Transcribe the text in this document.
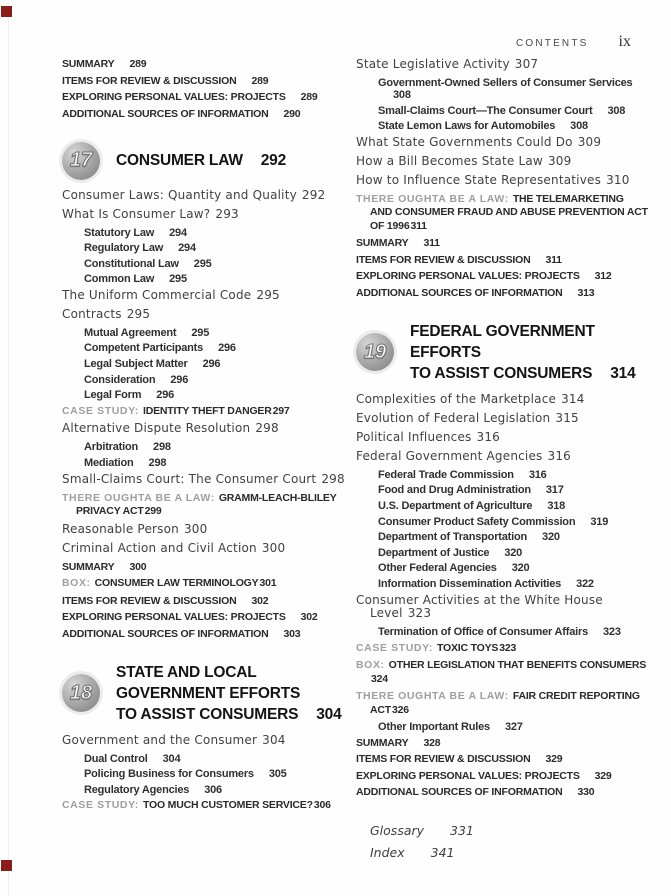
CONTENTS ix
SUMMARY 289
ITEMS FOR REVIEW & DISCUSSION 289
EXPLORING PERSONAL VALUES: PROJECTS 289
ADDITIONAL SOURCES OF INFORMATION 290
17 CONSUMER LAW 292
Consumer Laws: Quantity and Quality 292
What Is Consumer Law? 293
Statutory Law 294
Regulatory Law 294
Constitutional Law 295
Common Law 295
The Uniform Commercial Code 295
Contracts 295
Mutual Agreement 295
Competent Participants 296
Legal Subject Matter 296
Consideration 296
Legal Form 296
CASE STUDY: IDENTITY THEFT DANGER297
Alternative Dispute Resolution 298
Arbitration 298
Mediation 298
Small-Claims Court: The Consumer Court 298
THERE OUGHTA BE A LAW: GRAMM-LEACH-BLILEY
PRIVACY ACT299
Reasonable Person 300
Criminal Action and Civil Action 300
SUMMARY 300
BOX: CONSUMER LAW TERMINOLOGY301
ITEMS FOR REVIEW & DISCUSSION 302
EXPLORING PERSONAL VALUES: PROJECTS 302
ADDITIONAL SOURCES OF INFORMATION 303
18
STATE AND LOCAL
GOVERNMENT EFFORTS
TO ASSIST CONSUMERS 304
Government and the Consumer 304
Dual Control 304
Policing Business for Consumers 305
Regulatory Agencies 306
CASE STUDY: TOO MUCH CUSTOMER SERVICE?306
State Legislative Activity 307
Government-Owned Sellers of Consumer Services308
Small-Claims Court—The Consumer Court 308
State Lemon Laws for Automobiles 308
What State Governments Could Do 309
How a Bill Becomes State Law 309
How to Influence State Representatives 310
THERE OUGHTA BE A LAW: THE TELEMARKETING
AND CONSUMER FRAUD AND ABUSE PREVENTION ACT
OF 1996311
SUMMARY 311
ITEMS FOR REVIEW & DISCUSSION 311
EXPLORING PERSONAL VALUES: PROJECTS 312
ADDITIONAL SOURCES OF INFORMATION 313
19
FEDERAL GOVERNMENT EFFORTS
TO ASSIST CONSUMERS 314
Complexities of the Marketplace 314
Evolution of Federal Legislation 315
Political Influences 316
Federal Government Agencies 316
Federal Trade Commission 316
Food and Drug Administration 317
U.S. Department of Agriculture 318
Consumer Product Safety Commission 319
Department of Transportation 320
Department of Justice 320
Other Federal Agencies 320
Information Dissemination Activities 322
Consumer Activities at the White House
Level 323
Termination of Office of Consumer Affairs 323
CASE STUDY: TOXIC TOYS323
BOX: OTHER LEGISLATION THAT BENEFITS CONSUMERS324
THERE OUGHTA BE A LAW: FAIR CREDIT REPORTING
ACT326
Other Important Rules 327
SUMMARY 328
ITEMS FOR REVIEW & DISCUSSION 329
EXPLORING PERSONAL VALUES: PROJECTS 329
ADDITIONAL SOURCES OF INFORMATION 330
Glossary 331
Index 341
